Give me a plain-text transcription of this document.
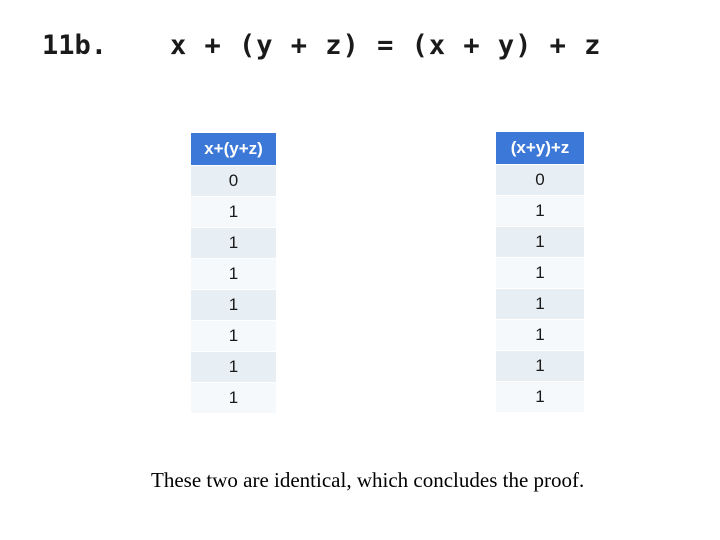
11b. x + (y + z) = (x + y) + z
x+(y+z)
0
1
1
1
1
1
1
1
(x+y)+z
0
1
1
1
1
1
1
1
These two are identical, which concludes the proof.
